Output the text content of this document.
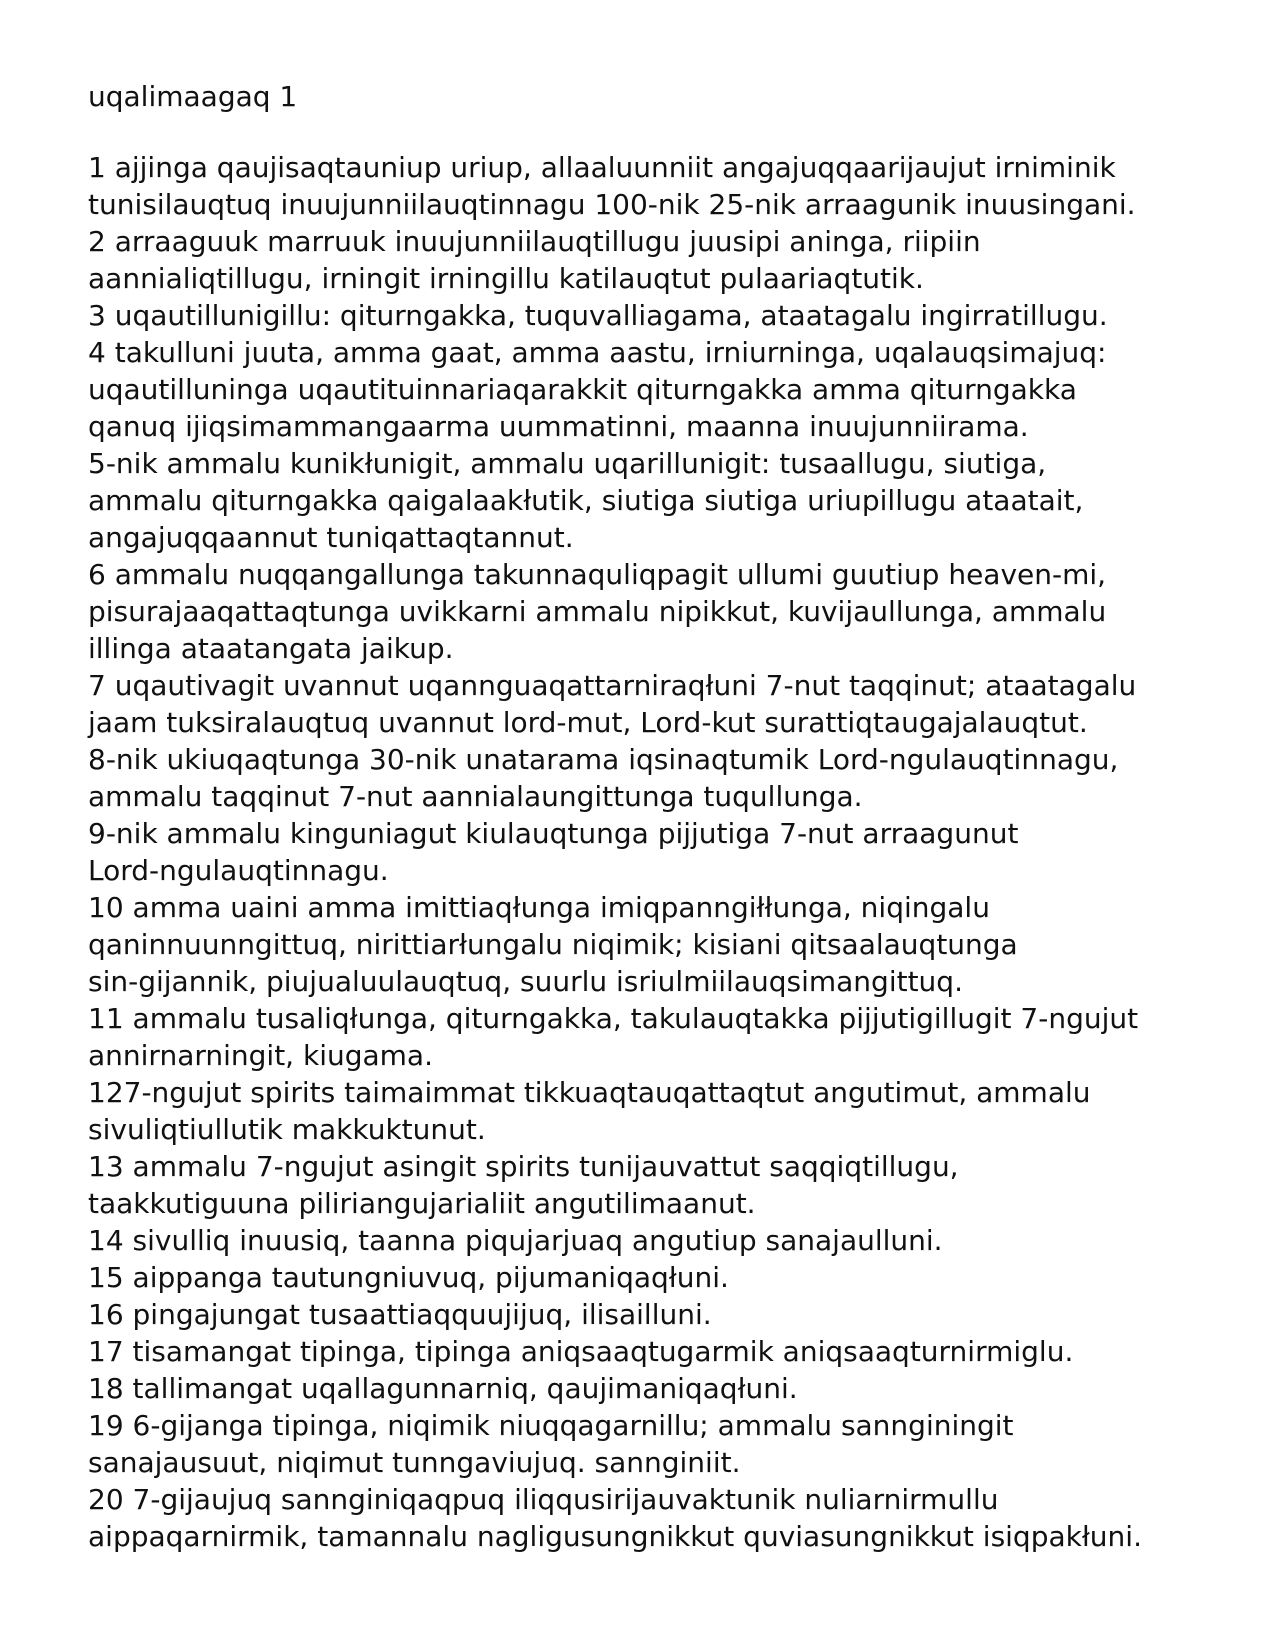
uqalimaagaq 1
1 ajjinga qaujisaqtauniup uriup, allaaluunniit angajuqqaarijaujut irniminik
tunisilauqtuq inuujunniilauqtinnagu 100-nik 25-nik arraagunik inuusingani.
2 arraaguuk marruuk inuujunniilauqtillugu juusipi aninga, riipiin
aannialiqtillugu, irningit irningillu katilauqtut pulaariaqtutik.
3 uqautillunigillu: qiturngakka, tuquvalliagama, ataatagalu ingirratillugu.
4 takulluni juuta, amma gaat, amma aastu, irniurninga, uqalauqsimajuq:
uqautilluninga uqautituinnariaqarakkit qiturngakka amma qiturngakka
qanuq ijiqsimammangaarma uummatinni, maanna inuujunniirama.
5-nik ammalu kunikłunigit, ammalu uqarillunigit: tusaallugu, siutiga,
ammalu qiturngakka qaigalaakłutik, siutiga siutiga uriupillugu ataatait,
angajuqqaannut tuniqattaqtannut.
6 ammalu nuqqangallunga takunnaquliqpagit ullumi guutiup heaven-mi,
pisurajaaqattaqtunga uvikkarni ammalu nipikkut, kuvijaullunga, ammalu
illinga ataatangata jaikup.
7 uqautivagit uvannut uqannguaqattarniraqłuni 7-nut taqqinut; ataatagalu
jaam tuksiralauqtuq uvannut lord-mut, Lord-kut surattiqtaugajalauqtut.
8-nik ukiuqaqtunga 30-nik unatarama iqsinaqtumik Lord-ngulauqtinnagu,
ammalu taqqinut 7-nut aannialaungittunga tuqullunga.
9-nik ammalu kinguniagut kiulauqtunga pijjutiga 7-nut arraagunut
Lord-ngulauqtinnagu.
10 amma uaini amma imittiaqłunga imiqpanngiłłunga, niqingalu
qaninnuunngittuq, nirittiarłungalu niqimik; kisiani qitsaalauqtunga
sin-gijannik, piujualuulauqtuq, suurlu isriulmiilauqsimangittuq.
11 ammalu tusaliqłunga, qiturngakka, takulauqtakka pijjutigillugit 7-ngujut
annirnarningit, kiugama.
127-ngujut spirits taimaimmat tikkuaqtauqattaqtut angutimut, ammalu
sivuliqtiullutik makkuktunut.
13 ammalu 7-ngujut asingit spirits tunijauvattut saqqiqtillugu,
taakkutiguuna piliriangujarialiit angutilimaanut.
14 sivulliq inuusiq, taanna piqujarjuaq angutiup sanajaulluni.
15 aippanga tautungniuvuq, pijumaniqaqłuni.
16 pingajungat tusaattiaqquujijuq, ilisailluni.
17 tisamangat tipinga, tipinga aniqsaaqtugarmik aniqsaaqturnirmiglu.
18 tallimangat uqallagunnarniq, qaujimaniqaqłuni.
19 6-gijanga tipinga, niqimik niuqqagarnillu; ammalu sannginingit
sanajausuut, niqimut tunngaviujuq. sannginiit.
20 7-gijaujuq sannginiqaqpuq iliqqusirijauvaktunik nuliarnirmullu
aippaqarnirmik, tamannalu nagligusungnikkut quviasungnikkut isiqpakłuni.
